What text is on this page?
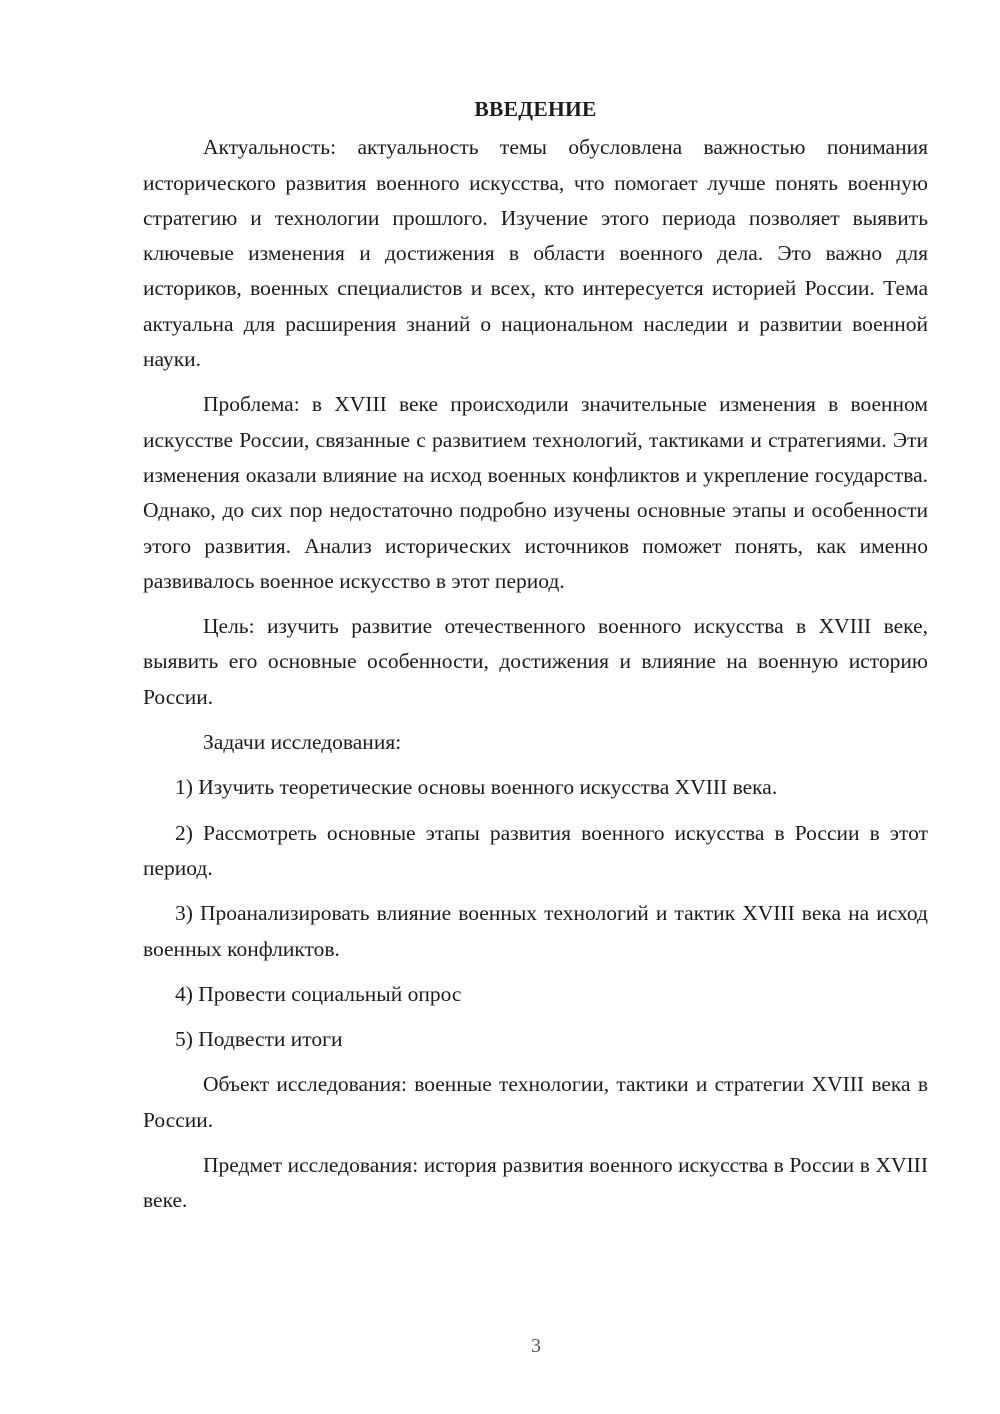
ВВЕДЕНИЕ

Актуальность: актуальность темы обусловлена важностью понимания исторического развития военного искусства, что помогает лучше понять военную стратегию и технологии прошлого. Изучение этого периода позволяет выявить ключевые изменения и достижения в области военного дела. Это важно для историков, военных специалистов и всех, кто интересуется историей России. Тема актуальна для расширения знаний о национальном наследии и развитии военной науки.

Проблема: в XVIII веке происходили значительные изменения в военном искусстве России, связанные с развитием технологий, тактиками и стратегиями. Эти изменения оказали влияние на исход военных конфликтов и укрепление государства. Однако, до сих пор недостаточно подробно изучены основные этапы и особенности этого развития. Анализ исторических источников поможет понять, как именно развивалось военное искусство в этот период.

Цель: изучить развитие отечественного военного искусства в XVIII веке, выявить его основные особенности, достижения и влияние на военную историю России.

Задачи исследования:

1) Изучить теоретические основы военного искусства XVIII века.

2) Рассмотреть основные этапы развития военного искусства в России в этот период.

3) Проанализировать влияние военных технологий и тактик XVIII века на исход военных конфликтов.

4) Провести социальный опрос

5) Подвести итоги

Объект исследования: военные технологии, тактики и стратегии XVIII века в России.

Предмет исследования: история развития военного искусства в России в XVIII веке.

3
